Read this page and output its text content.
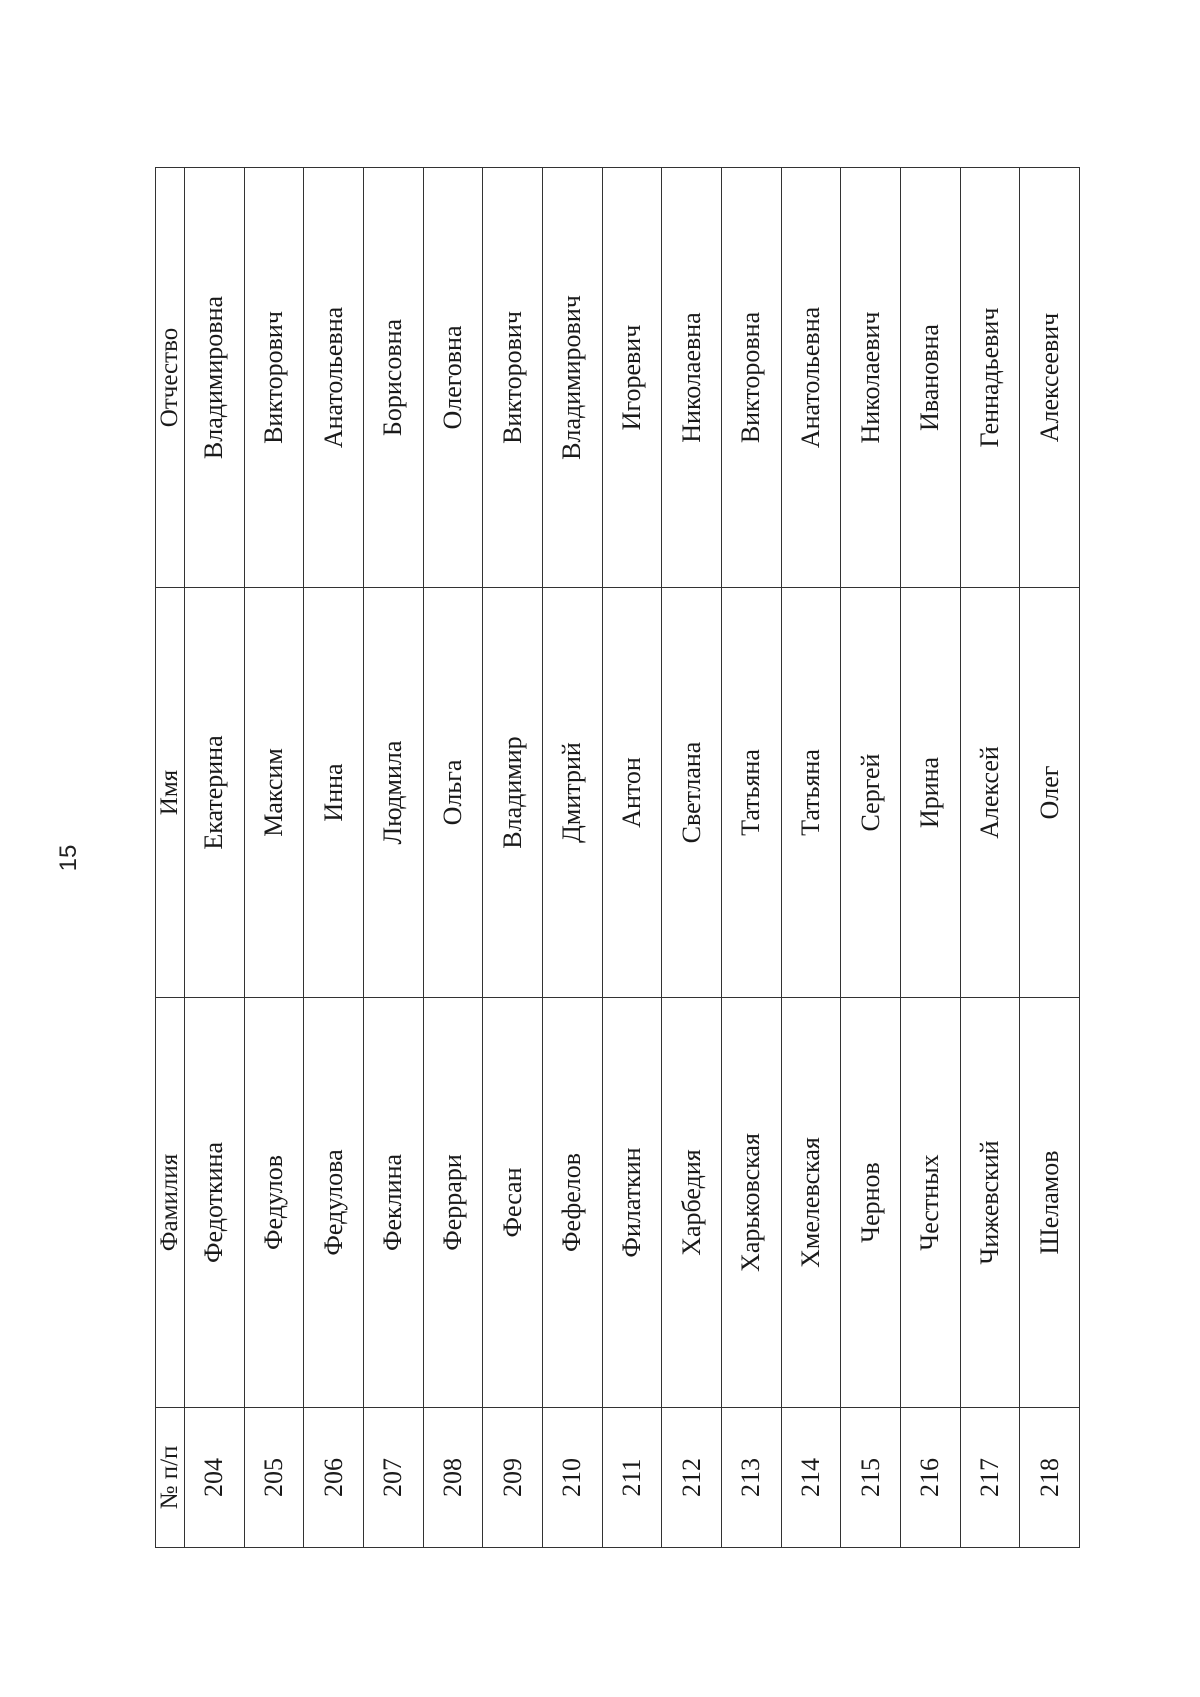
15
№ п/п	Фамилия	Имя	Отчество
204	Федоткина	Екатерина	Владимировна
205	Федулов	Максим	Викторович
206	Федулова	Инна	Анатольевна
207	Феклина	Людмила	Борисовна
208	Феррари	Ольга	Олеговна
209	Фесан	Владимир	Викторович
210	Фефелов	Дмитрий	Владимирович
211	Филаткин	Антон	Игоревич
212	Харбедия	Светлана	Николаевна
213	Харьковская	Татьяна	Викторовна
214	Хмелевская	Татьяна	Анатольевна
215	Чернов	Сергей	Николаевич
216	Честных	Ирина	Ивановна
217	Чижевский	Алексей	Геннадьевич
218	Шеламов	Олег	Алексеевич
